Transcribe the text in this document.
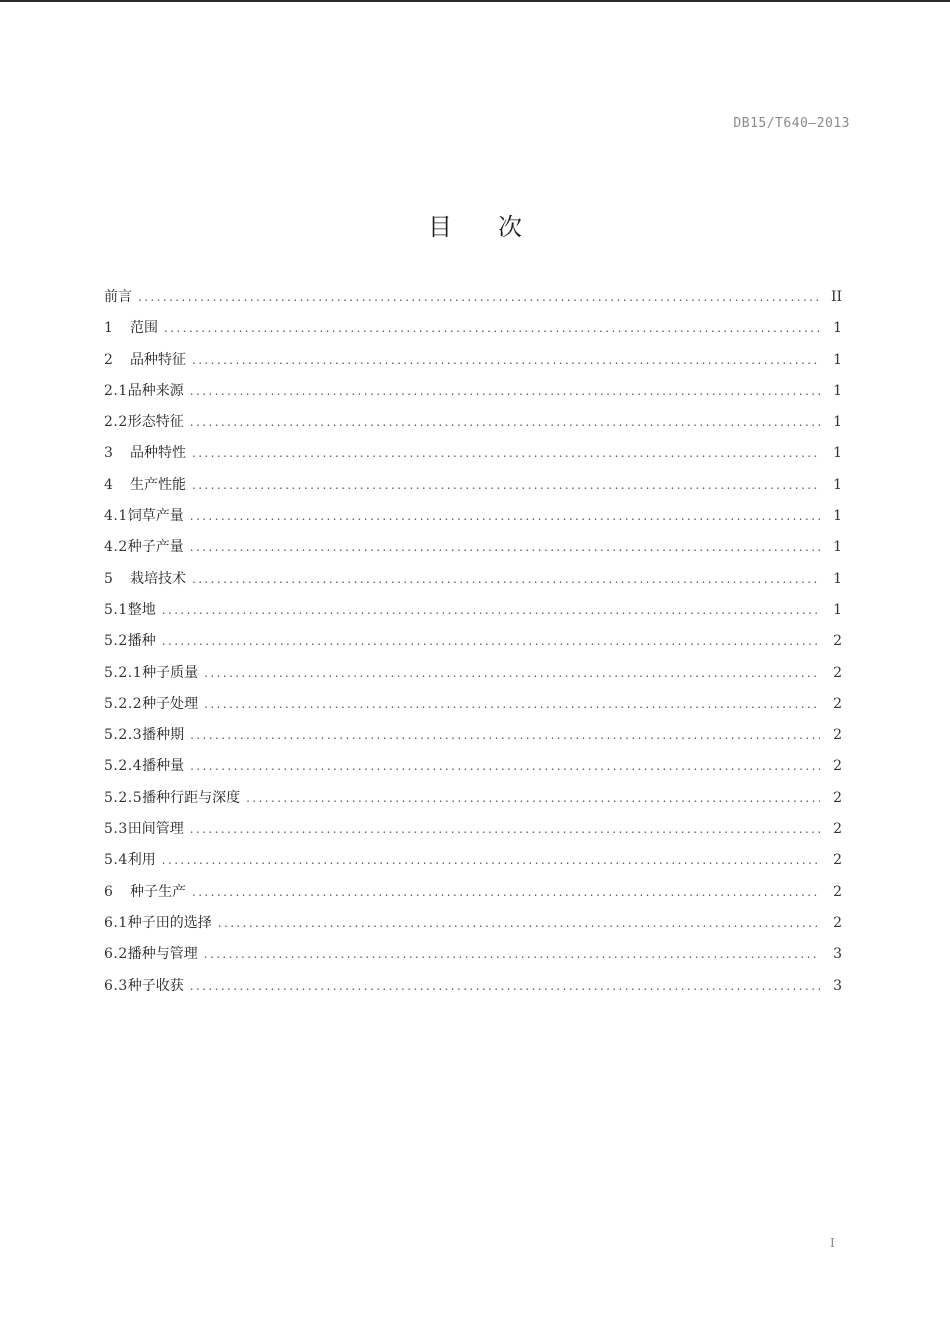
DB15/T640—2013
目次
前言 .....	II
1	范围 .....	1
2	品种特征 .....	1
2.1 品种来源 .....	1
2.2 形态特征 .....	1
3	品种特性 .....	1
4	生产性能 .....	1
4.1 饲草产量 .....	1
4.2 种子产量 .....	1
5	栽培技术 .....	1
5.1 整地 .....	1
5.2 播种 .....	2
5.2.1 种子质量 .....	2
5.2.2 种子处理 .....	2
5.2.3 播种期 .....	2
5.2.4 播种量 .....	2
5.2.5 播种行距与深度 .....	2
5.3 田间管理 .....	2
5.4 利用 .....	2
6	种子生产 .....	2
6.1 种子田的选择 .....	2
6.2 播种与管理 .....	3
6.3 种子收获 .....	3
I
